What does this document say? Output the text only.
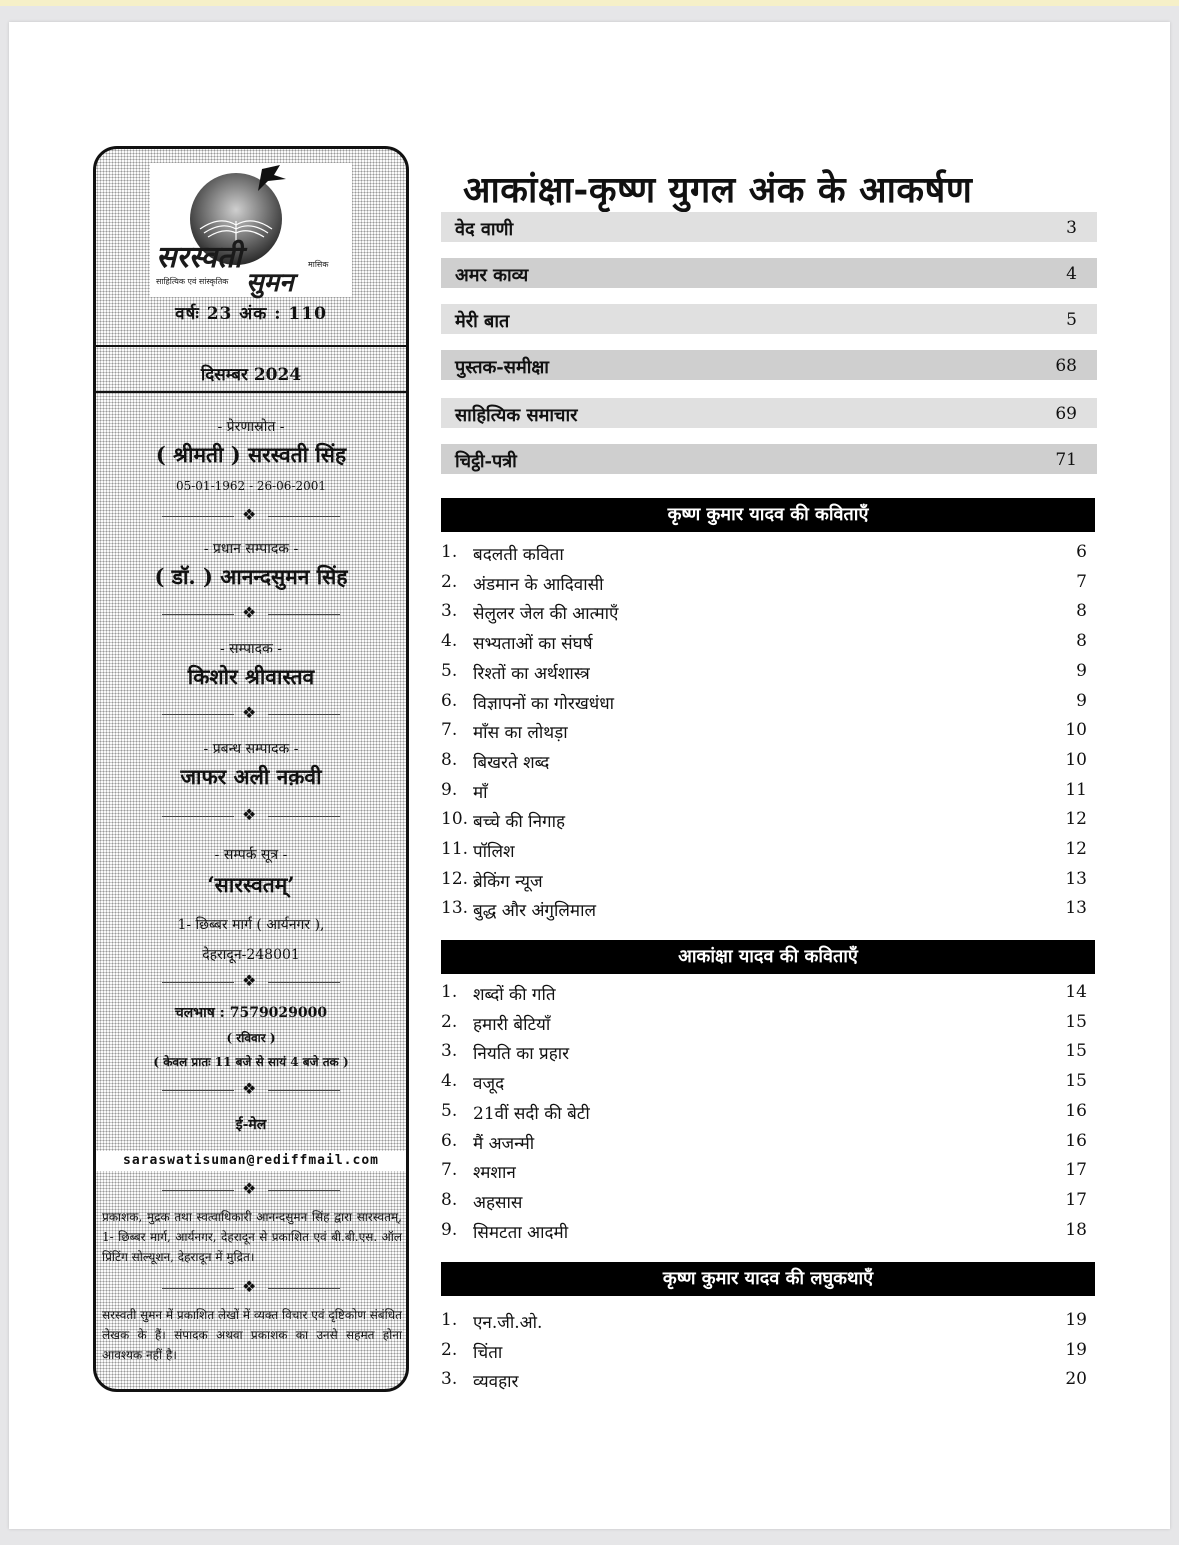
सरस्वती	मासिक
सुमन
साहित्यिक एवं सांस्कृतिक
वर्षः 23 अंक : 110
दिसम्बर 2024
- प्रेरणास्रोत -
( श्रीमती ) सरस्वती सिंह
05-01-1962 - 26-06-2001
❖
- प्रधान सम्पादक -
( डॉ. ) आनन्दसुमन सिंह
❖
- सम्पादक -
किशोर श्रीवास्तव
❖
- प्रबन्ध सम्पादक -
जाफर अली नक़वी
❖
- सम्पर्क सूत्र -
‘सारस्वतम्’
1- छिब्बर मार्ग ( आर्यनगर ),
देहरादून-248001
❖
चलभाष : 7579029000
( रविवार )
( केवल प्रातः 11 बजे से सायं 4 बजे तक )
❖
ई-मेल
saraswatisuman@rediffmail.com
❖
प्रकाशक, मुद्रक तथा स्वत्वाधिकारी आनन्दसुमन सिंह द्वारा सारस्वतम्, 1- छिब्बर मार्ग, आर्यनगर, देहरादून से प्रकाशित एवं बी.बी.एस. ऑल प्रिंटिंग सोल्यूशन, देहरादून में मुद्रित।
❖
सरस्वती सुमन में प्रकाशित लेखों में व्यक्त विचार एवं दृष्टिकोण संबंधित लेखक के हैं। संपादक अथवा प्रकाशक का उनसे सहमत होना आवश्यक नहीं है।
आकांक्षा-कृष्ण युगल अंक के आकर्षण
वेद वाणी	3
अमर काव्य	4
मेरी बात	5
पुस्तक-समीक्षा	68
साहित्यिक समाचार	69
चिट्ठी-पत्री	71
कृष्ण कुमार यादव की कविताएँ
1. बदलती कविता	6
2. अंडमान के आदिवासी	7
3. सेलुलर जेल की आत्माएँ	8
4. सभ्यताओं का संघर्ष	8
5. रिश्तों का अर्थशास्त्र	9
6. विज्ञापनों का गोरखधंधा	9
7. माँस का लोथड़ा	10
8. बिखरते शब्द	10
9. माँ	11
10. बच्चे की निगाह	12
11. पॉलिश	12
12. ब्रेकिंग न्यूज	13
13. बुद्ध और अंगुलिमाल	13
आकांक्षा यादव की कविताएँ
1. शब्दों की गति	14
2. हमारी बेटियाँ	15
3. नियति का प्रहार	15
4. वजूद	15
5. 21वीं सदी की बेटी	16
6. मैं अजन्मी	16
7. श्मशान	17
8. अहसास	17
9. सिमटता आदमी	18
कृष्ण कुमार यादव की लघुकथाएँ
1. एन.जी.ओ.	19
2. चिंता	19
3. व्यवहार	20
